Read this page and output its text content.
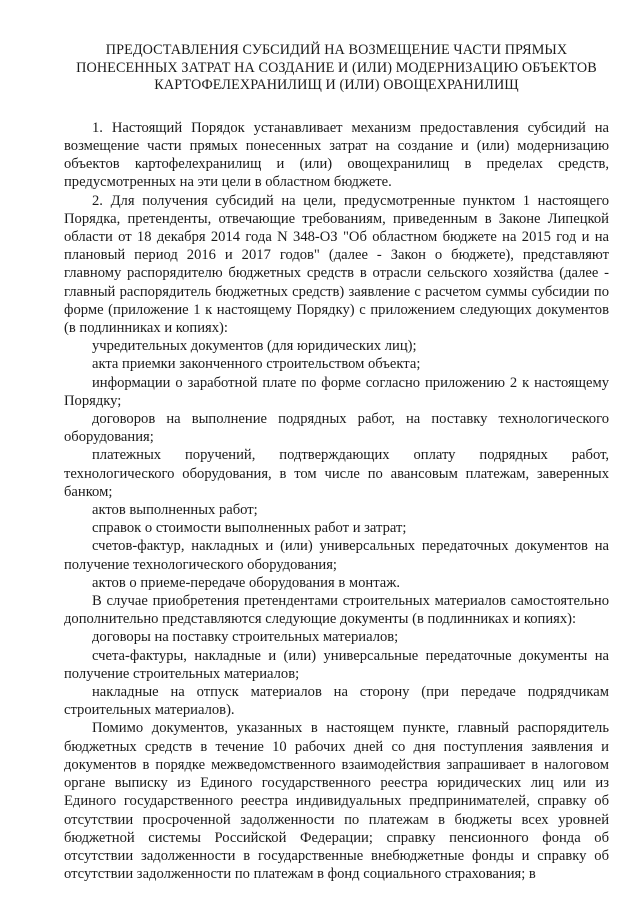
ПРЕДОСТАВЛЕНИЯ СУБСИДИЙ НА ВОЗМЕЩЕНИЕ ЧАСТИ ПРЯМЫХ
ПОНЕСЕННЫХ ЗАТРАТ НА СОЗДАНИЕ И (ИЛИ) МОДЕРНИЗАЦИЮ ОБЪЕКТОВ
КАРТОФЕЛЕХРАНИЛИЩ И (ИЛИ) ОВОЩЕХРАНИЛИЩ

1. Настоящий Порядок устанавливает механизм предоставления субсидий на возмещение части прямых понесенных затрат на создание и (или) модернизацию объектов картофелехранилищ и (или) овощехранилищ в пределах средств, предусмотренных на эти цели в областном бюджете.

2. Для получения субсидий на цели, предусмотренные пунктом 1 настоящего Порядка, претенденты, отвечающие требованиям, приведенным в Законе Липецкой области от 18 декабря 2014 года N 348-ОЗ "Об областном бюджете на 2015 год и на плановый период 2016 и 2017 годов" (далее - Закон о бюджете), представляют главному распорядителю бюджетных средств в отрасли сельского хозяйства (далее - главный распорядитель бюджетных средств) заявление с расчетом суммы субсидии по форме (приложение 1 к настоящему Порядку) с приложением следующих документов (в подлинниках и копиях):

учредительных документов (для юридических лиц);

акта приемки законченного строительством объекта;

информации о заработной плате по форме согласно приложению 2 к настоящему Порядку;

договоров на выполнение подрядных работ, на поставку технологического оборудования;

платежных поручений, подтверждающих оплату подрядных работ, технологического оборудования, в том числе по авансовым платежам, заверенных банком;

актов выполненных работ;

справок о стоимости выполненных работ и затрат;

счетов-фактур, накладных и (или) универсальных передаточных документов на получение технологического оборудования;

актов о приеме-передаче оборудования в монтаж.

В случае приобретения претендентами строительных материалов самостоятельно дополнительно представляются следующие документы (в подлинниках и копиях):

договоры на поставку строительных материалов;

счета-фактуры, накладные и (или) универсальные передаточные документы на получение строительных материалов;

накладные на отпуск материалов на сторону (при передаче подрядчикам строительных материалов).

Помимо документов, указанных в настоящем пункте, главный распорядитель бюджетных средств в течение 10 рабочих дней со дня поступления заявления и документов в порядке межведомственного взаимодействия запрашивает в налоговом органе выписку из Единого государственного реестра юридических лиц или из Единого государственного реестра индивидуальных предпринимателей, справку об отсутствии просроченной задолженности по платежам в бюджеты всех уровней бюджетной системы Российской Федерации; справку пенсионного фонда об отсутствии задолженности в государственные внебюджетные фонды и справку об отсутствии задолженности по платежам в фонд социального страхования; в
